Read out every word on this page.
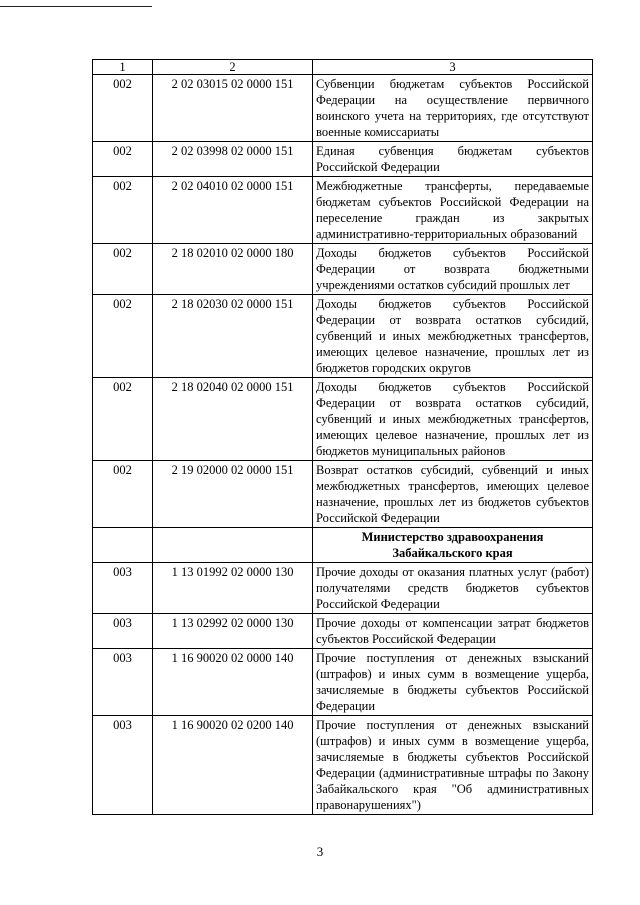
1	2	3
002	2 02 03015 02 0000 151	Субвенции бюджетам субъектов Российской Федерации на осуществление первичного воинского учета на территориях, где отсутствуют военные комиссариаты
002	2 02 03998 02 0000 151	Единая субвенция бюджетам субъектов Российской Федерации
002	2 02 04010 02 0000 151	Межбюджетные трансферты, передаваемые бюджетам субъектов Российской Федерации на переселение граждан из закрытых административно-территориальных образований
002	2 18 02010 02 0000 180	Доходы бюджетов субъектов Российской Федерации от возврата бюджетными учреждениями остатков субсидий прошлых лет
002	2 18 02030 02 0000 151	Доходы бюджетов субъектов Российской Федерации от возврата остатков субсидий, субвенций и иных межбюджетных трансфертов, имеющих целевое назначение, прошлых лет из бюджетов городских округов
002	2 18 02040 02 0000 151	Доходы бюджетов субъектов Российской Федерации от возврата остатков субсидий, субвенций и иных межбюджетных трансфертов, имеющих целевое назначение, прошлых лет из бюджетов муниципальных районов
002	2 19 02000 02 0000 151	Возврат остатков субсидий, субвенций и иных межбюджетных трансфертов, имеющих целевое назначение, прошлых лет из бюджетов субъектов Российской Федерации
		Министерство здравоохранения Забайкальского края
003	1 13 01992 02 0000 130	Прочие доходы от оказания платных услуг (работ) получателями средств бюджетов субъектов Российской Федерации
003	1 13 02992 02 0000 130	Прочие доходы от компенсации затрат бюджетов субъектов Российской Федерации
003	1 16 90020 02 0000 140	Прочие поступления от денежных взысканий (штрафов) и иных сумм в возмещение ущерба, зачисляемые в бюджеты субъектов Российской Федерации
003	1 16 90020 02 0200 140	Прочие поступления от денежных взысканий (штрафов) и иных сумм в возмещение ущерба, зачисляемые в бюджеты субъектов Российской Федерации (административные штрафы по Закону Забайкальского края "Об административных правонарушениях")
3
